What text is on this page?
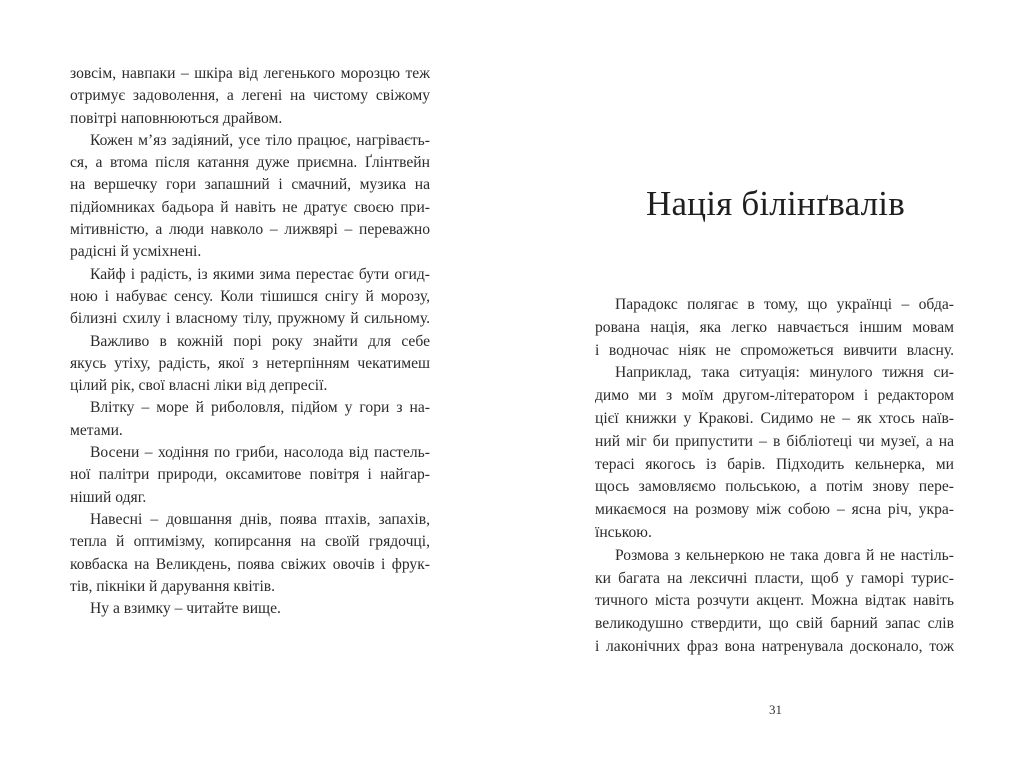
зовсім, навпаки – шкіра від легенького морозцю теж
отримує задоволення, а легені на чистому свіжому
повітрі наповнюються драйвом.
Кожен м’яз задіяний, усе тіло працює, нагріваєть-
ся, а втома після катання дуже приємна. Ґлінтвейн
на вершечку гори запашний і смачний, музика на
підйомниках бадьора й навіть не дратує своєю при-
мітивністю, а люди навколо – лижвярі – переважно
радісні й усміхнені.
Кайф і радість, із якими зима перестає бути огид-
ною і набуває сенсу. Коли тішишся снігу й морозу,
білизні схилу і власному тілу, пружному й сильному.
Важливо в кожній порі року знайти для себе
якусь утіху, радість, якої з нетерпінням чекатимеш
цілий рік, свої власні ліки від депресії.
Влітку – море й риболовля, підйом у гори з на-
метами.
Восени – ходіння по гриби, насолода від пастель-
ної палітри природи, оксамитове повітря і найгар-
ніший одяг.
Навесні – довшання днів, поява птахів, запахів,
тепла й оптимізму, копирсання на своїй грядочці,
ковбаска на Великдень, поява свіжих овочів і фрук-
тів, пікніки й дарування квітів.
Ну а взимку – читайте вище.
Нація білінґвалів
Парадокс полягає в тому, що українці – обда-
рована нація, яка легко навчається іншим мовам
і водночас ніяк не спроможеться вивчити власну.
Наприклад, така ситуація: минулого тижня си-
димо ми з моїм другом-літератором і редактором
цієї книжки у Кракові. Сидимо не – як хтось наїв-
ний міг би припустити – в бібліотеці чи музеї, а на
терасі якогось із барів. Підходить кельнерка, ми
щось замовляємо польською, а потім знову пере-
микаємося на розмову між собою – ясна річ, укра-
їнською.
Розмова з кельнеркою не така довга й не настіль-
ки багата на лексичні пласти, щоб у гаморі турис-
тичного міста розчути акцент. Можна відтак навіть
великодушно ствердити, що свій барний запас слів
і лаконічних фраз вона натренувала досконало, тож
31
